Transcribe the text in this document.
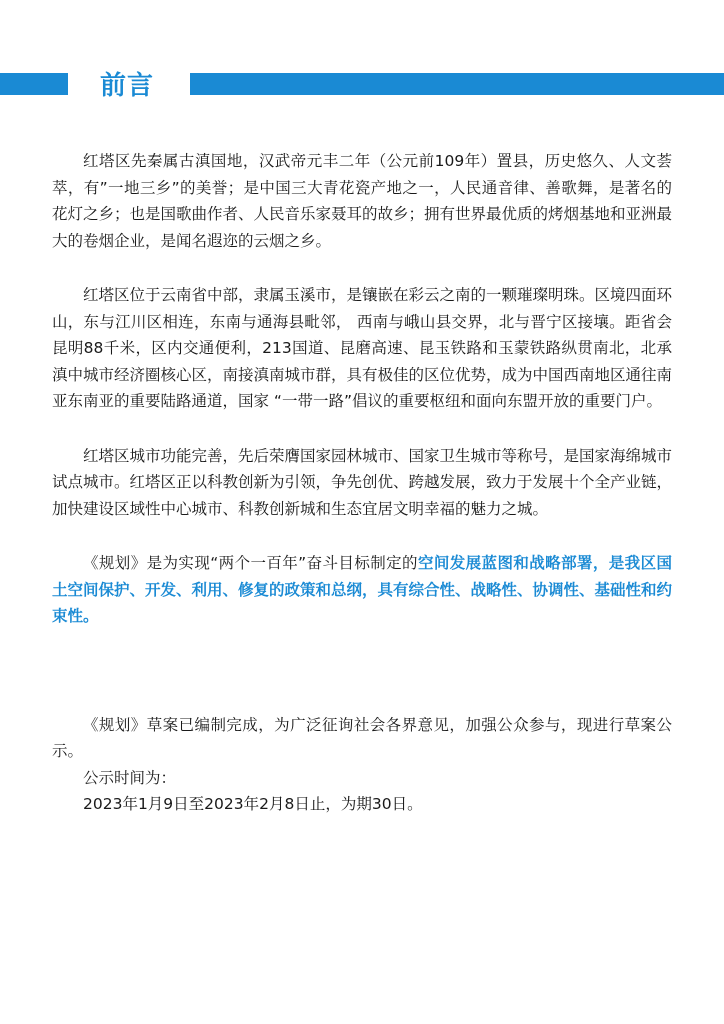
前言

红塔区先秦属古滇国地，汉武帝元丰二年（公元前109年）置县，历史悠久、人文荟萃，有”一地三乡”的美誉；是中国三大青花瓷产地之一，人民通音律、善歌舞，是著名的花灯之乡；也是国歌曲作者、人民音乐家聂耳的故乡；拥有世界最优质的烤烟基地和亚洲最大的卷烟企业，是闻名遐迩的云烟之乡。

红塔区位于云南省中部，隶属玉溪市，是镶嵌在彩云之南的一颗璀璨明珠。区境四面环山，东与江川区相连，东南与通海县毗邻， 西南与峨山县交界，北与晋宁区接壤。距省会昆明88千米，区内交通便利，213国道、昆磨高速、昆玉铁路和玉蒙铁路纵贯南北，北承滇中城市经济圈核心区，南接滇南城市群，具有极佳的区位优势，成为中国西南地区通往南亚东南亚的重要陆路通道，国家 “一带一路”倡议的重要枢纽和面向东盟开放的重要门户。

红塔区城市功能完善，先后荣膺国家园林城市、国家卫生城市等称号，是国家海绵城市试点城市。红塔区正以科教创新为引领，争先创优、跨越发展，致力于发展十个全产业链，加快建设区域性中心城市、科教创新城和生态宜居文明幸福的魅力之城。

《规划》是为实现“两个一百年”奋斗目标制定的空间发展蓝图和战略部署，是我区国土空间保护、开发、利用、修复的政策和总纲，具有综合性、战略性、协调性、基础性和约束性。

《规划》草案已编制完成，为广泛征询社会各界意见，加强公众参与，现进行草案公示。

公示时间为：

2023年1月9日至2023年2月8日止，为期30日。
